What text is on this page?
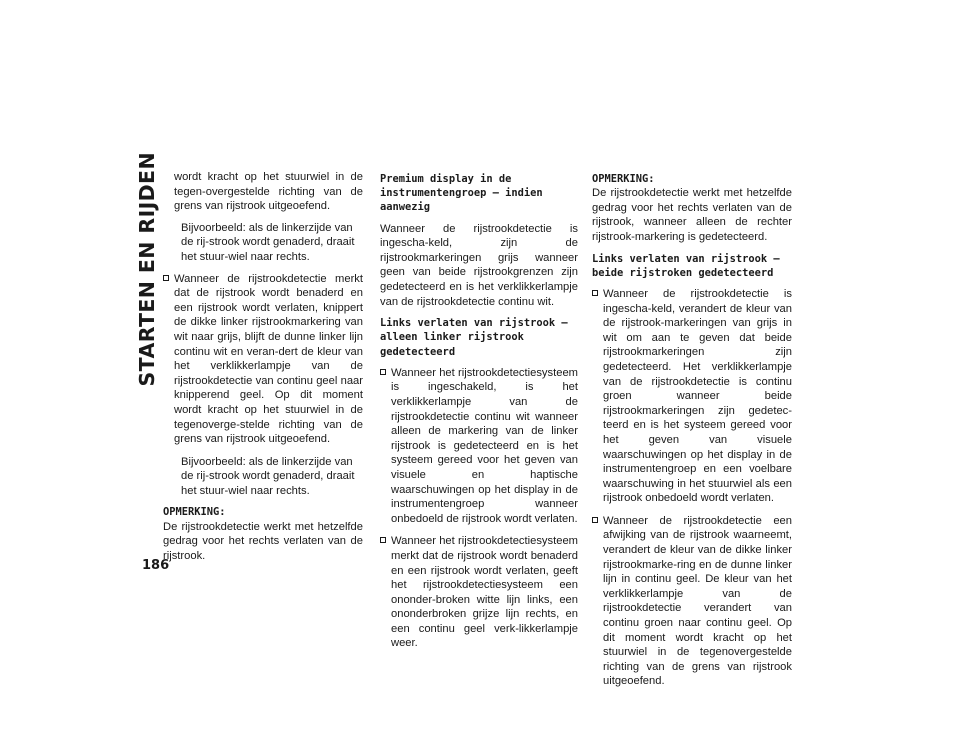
STARTEN EN RIJDEN
186

wordt kracht op het stuurwiel in de tegen-overgestelde richting van de grens van rijstrook uitgeoefend.

Bijvoorbeeld: als de linkerzijde van de rij-strook wordt genaderd, draait het stuur-wiel naar rechts.

Wanneer de rijstrookdetectie merkt dat de rijstrook wordt benaderd en een rijstrook wordt verlaten, knippert de dikke linker rijstrookmarkering van wit naar grijs, blijft de dunne linker lijn continu wit en veran-dert de kleur van het verklikkerlampje van de rijstrookdetectie van continu geel naar knipperend geel. Op dit moment wordt kracht op het stuurwiel in de tegenoverge-stelde richting van de grens van rijstrook uitgeoefend.

Bijvoorbeeld: als de linkerzijde van de rij-strook wordt genaderd, draait het stuur-wiel naar rechts.

OPMERKING:

De rijstrookdetectie werkt met hetzelfde gedrag voor het rechts verlaten van de rijstrook.

Premium display in de instrumentengroep — indien aanwezig

Wanneer de rijstrookdetectie is ingescha-keld, zijn de rijstrookmarkeringen grijs wanneer geen van beide rijstrookgrenzen zijn gedetecteerd en is het verklikkerlampje van de rijstrookdetectie continu wit.

Links verlaten van rijstrook — alleen linker rijstrook gedetecteerd
Wanneer het rijstrookdetectiesysteem is ingeschakeld, is het verklikkerlampje van de rijstrookdetectie continu wit wanneer alleen de markering van de linker rijstrook is gedetecteerd en is het systeem gereed voor het geven van visuele en haptische waarschuwingen op het display in de instrumentengroep wanneer onbedoeld de rijstrook wordt verlaten.
Wanneer het rijstrookdetectiesysteem merkt dat de rijstrook wordt benaderd en een rijstrook wordt verlaten, geeft het rijstrookdetectiesysteem een ononder-broken witte lijn links, een ononderbroken grijze lijn rechts, en een continu geel verk-likkerlampje weer.
OPMERKING:

De rijstrookdetectie werkt met hetzelfde gedrag voor het rechts verlaten van de rijstrook, wanneer alleen de rechter rijstrook-markering is gedetecteerd.

Links verlaten van rijstrook — beide rijstroken gedetecteerd
Wanneer de rijstrookdetectie is ingescha-keld, verandert de kleur van de rijstrook-markeringen van grijs in wit om aan te geven dat beide rijstrookmarkeringen zijn gedetecteerd. Het verklikkerlampje van de rijstrookdetectie is continu groen wanneer beide rijstrookmarkeringen zijn gedetec-teerd en is het systeem gereed voor het geven van visuele waarschuwingen op het display in de instrumentengroep en een voelbare waarschuwing in het stuurwiel als een rijstrook onbedoeld wordt verlaten.
Wanneer de rijstrookdetectie een afwijking van de rijstrook waarneemt, verandert de kleur van de dikke linker rijstrookmarke-ring en de dunne linker lijn in continu geel. De kleur van het verklikkerlampje van de rijstrookdetectie verandert van continu groen naar continu geel. Op dit moment wordt kracht op het stuurwiel in de tegenovergestelde richting van de grens van rijstrook uitgeoefend.
